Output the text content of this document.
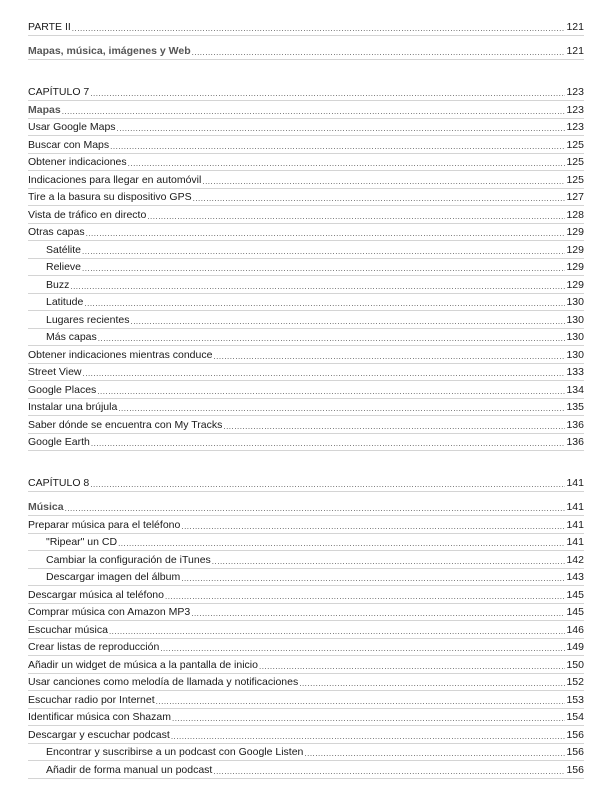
PARTE II .....	121
Mapas, música, imágenes y Web .....	121
CAPÍTULO 7 .....	123
Mapas .....	123
Usar Google Maps .....	123
Buscar con Maps .....	125
Obtener indicaciones .....	125
Indicaciones para llegar en automóvil .....	125
Tire a la basura su dispositivo GPS .....	127
Vista de tráfico en directo .....	128
Otras capas .....	129
Satélite .....	129
Relieve .....	129
Buzz .....	129
Latitude .....	130
Lugares recientes .....	130
Más capas .....	130
Obtener indicaciones mientras conduce .....	130
Street View .....	133
Google Places .....	134
Instalar una brújula .....	135
Saber dónde se encuentra con My Tracks .....	136
Google Earth .....	136
CAPÍTULO 8 .....	141
Música .....	141
Preparar música para el teléfono .....	141
"Ripear" un CD .....	141
Cambiar la configuración de iTunes .....	142
Descargar imagen del álbum .....	143
Descargar música al teléfono .....	145
Comprar música con Amazon MP3 .....	145
Escuchar música .....	146
Crear listas de reproducción .....	149
Añadir un widget de música a la pantalla de inicio .....	150
Usar canciones como melodía de llamada y notificaciones .....	152
Escuchar radio por Internet .....	153
Identificar música con Shazam .....	154
Descargar y escuchar podcast .....	156
Encontrar y suscribirse a un podcast con Google Listen .....	156
Añadir de forma manual un podcast .....	156
